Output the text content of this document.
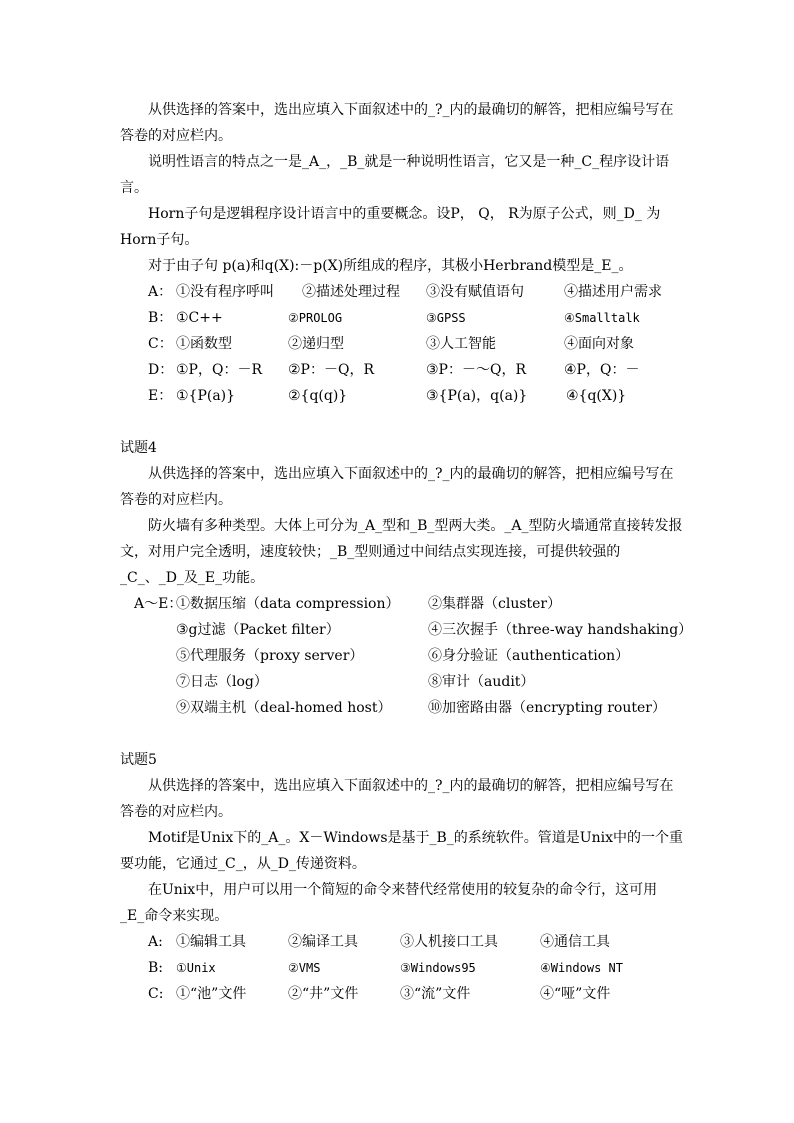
从供选择的答案中，选出应填入下面叙述中的_?_内的最确切的解答，把相应编号写在
答卷的对应栏内。
说明性语言的特点之一是_A_，_B_就是一种说明性语言，它又是一种_C_程序设计语
言。
Horn子句是逻辑程序设计语言中的重要概念。设P， Q， R为原子公式，则_D_ 为
Horn子句。
对于由子句 p(a)和q(X):－p(X)所组成的程序，其极小Herbrand模型是_E_。
A： ①没有程序呼叫 ②描述处理过程 ③没有赋值语句	④描述用户需求
B： ①C++	②PROLOG	③GPSS	④Smalltalk
C： ①函数型	②递归型	③人工智能	④面向对象
D： ①P，Q：－R ②P：－Q，R	③P：－～Q，R	④P，Q：－
E： ①{P(a)}	②{q(q)}	③{P(a)，q(a)}	④{q(X)}
试题4
从供选择的答案中，选出应填入下面叙述中的_?_内的最确切的解答，把相应编号写在
答卷的对应栏内。
防火墙有多种类型。大体上可分为_A_型和_B_型两大类。_A_型防火墙通常直接转发报
文，对用户完全透明，速度较快；_B_型则通过中间结点实现连接，可提供较强的
_C_、_D_及_E_功能。
A～E：
①数据压缩（data compression） ②集群器（cluster）
③g过滤（Packet filter）	④三次握手（three-way handshaking）
⑤代理服务（proxy server）	⑥身分验证（authentication）
⑦日志（log）	⑧审计（audit）
⑨双端主机（deal-homed host）	⑩加密路由器（encrypting router）
试题5
从供选择的答案中，选出应填入下面叙述中的_?_内的最确切的解答，把相应编号写在
答卷的对应栏内。
Motif是Unix下的_A_。X－Windows是基于_B_的系统软件。管道是Unix中的一个重
要功能，它通过_C_，从_D_传递资料。
在Unix中，用户可以用一个简短的命令来替代经常使用的较复杂的命令行，这可用
_E_命令来实现。
A: ①编辑工具	②编译工具	③人机接口工具	④通信工具
B: ①Unix	②VMS	③Windows95	④Windows NT
C: ①“池”文件	②“井”文件	③“流”文件	④“哑”文件
